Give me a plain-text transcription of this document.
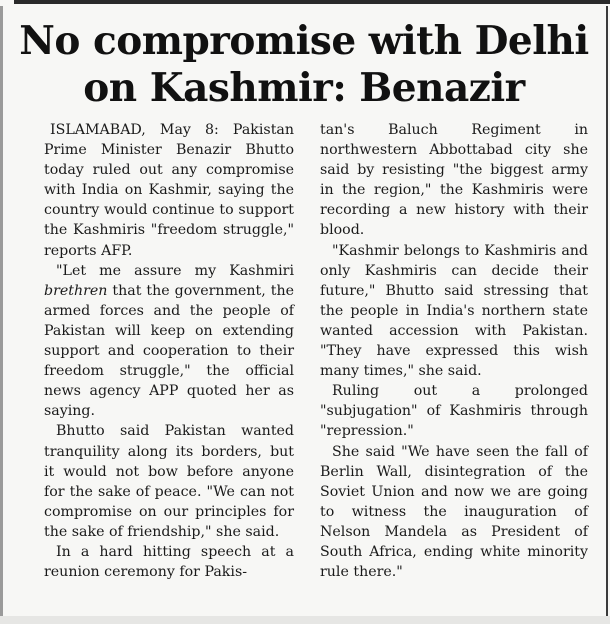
No compromise with Delhi
on Kashmir: Benazir

ISLAMABAD, May 8: Pakistan Prime Minister Benazir Bhutto today ruled out any compromise with India on Kashmir, saying the country would continue to support the Kashmiris "freedom struggle," reports AFP.

"Let me assure my Kashmiri brethren that the government, the armed forces and the people of Pakistan will keep on extending support and cooperation to their freedom struggle," the official news agency APP quoted her as saying.

Bhutto said Pakistan wanted tranquility along its borders, but it would not bow before anyone for the sake of peace. "We can not compromise on our principles for the sake of friendship," she said.

In a hard hitting speech at a reunion ceremony for Pakis-

tan's Baluch Regiment in northwestern Abbottabad city she said by resisting "the biggest army in the region," the Kashmiris were recording a new history with their blood.

"Kashmir belongs to Kashmiris and only Kashmiris can decide their future," Bhutto said stressing that the people in India's northern state wanted accession with Pakistan. "They have expressed this wish many times," she said.

Ruling out a prolonged "subjugation" of Kashmiris through "repression."

She said "We have seen the fall of Berlin Wall, disintegration of the Soviet Union and now we are going to witness the inauguration of Nelson Mandela as President of South Africa, ending white minority rule there."
